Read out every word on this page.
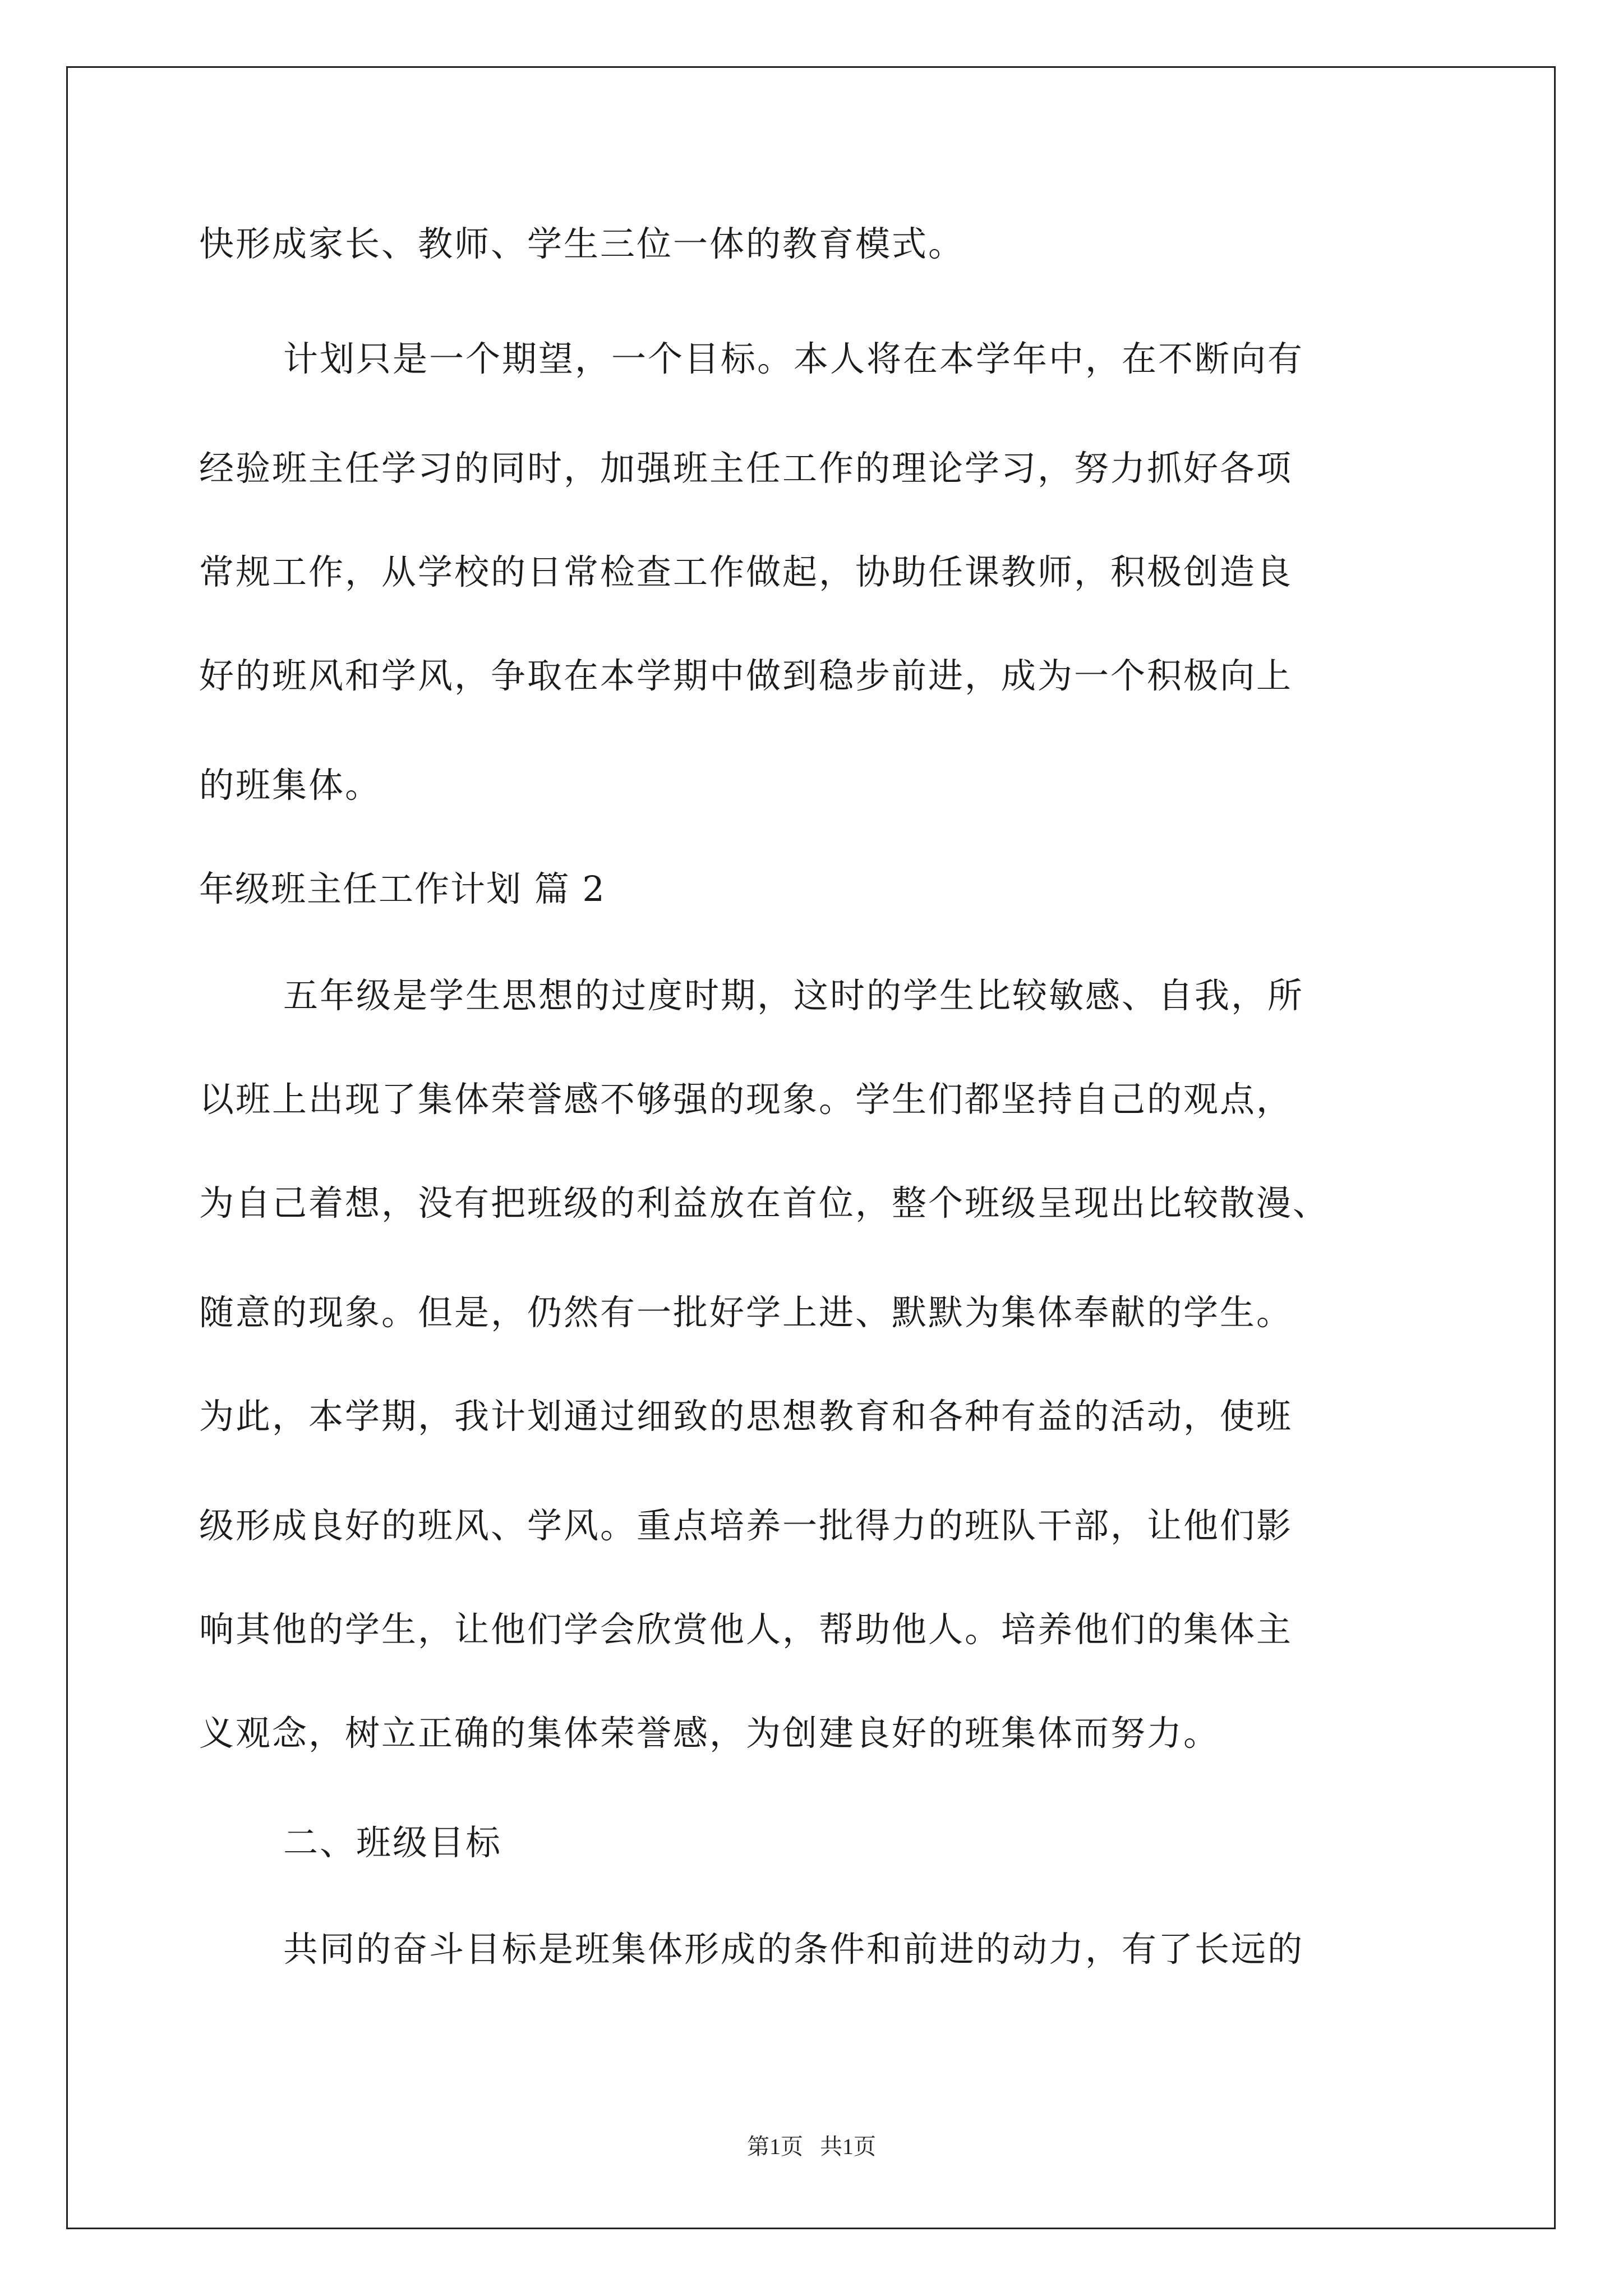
快形成家长、教师、学生三位一体的教育模式。
计划只是一个期望，一个目标。本人将在本学年中，在不断向有
经验班主任学习的同时，加强班主任工作的理论学习，努力抓好各项
常规工作，从学校的日常检查工作做起，协助任课教师，积极创造良
好的班风和学风，争取在本学期中做到稳步前进，成为一个积极向上
的班集体。
年级班主任工作计划 篇 2
五年级是学生思想的过度时期，这时的学生比较敏感、自我，所
以班上出现了集体荣誉感不够强的现象。学生们都坚持自己的观点，
为自己着想，没有把班级的利益放在首位，整个班级呈现出比较散漫、
随意的现象。但是，仍然有一批好学上进、默默为集体奉献的学生。
为此，本学期，我计划通过细致的思想教育和各种有益的活动，使班
级形成良好的班风、学风。重点培养一批得力的班队干部，让他们影
响其他的学生，让他们学会欣赏他人，帮助他人。培养他们的集体主
义观念，树立正确的集体荣誉感，为创建良好的班集体而努力。
二、班级目标
共同的奋斗目标是班集体形成的条件和前进的动力，有了长远的
第1页   共1页
